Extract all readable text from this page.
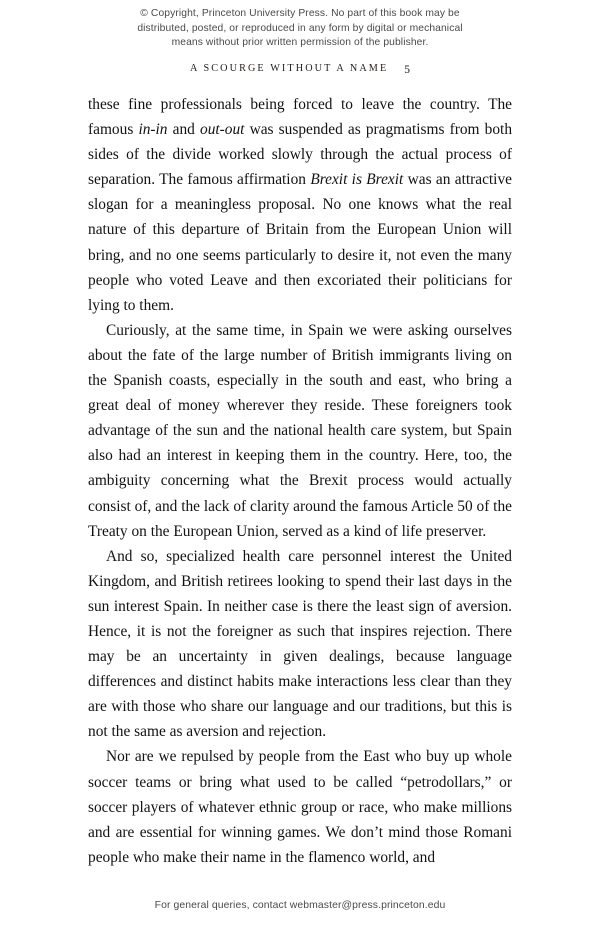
© Copyright, Princeton University Press. No part of this book may be
distributed, posted, or reproduced in any form by digital or mechanical
means without prior written permission of the publisher.
A SCOURGE WITHOUT A NAME 5

these fine professionals being forced to leave the country. The famous in-in and out-out was suspended as pragmatisms from both sides of the divide worked slowly through the actual process of separation. The famous affirmation Brexit is Brexit was an attractive slogan for a meaningless proposal. No one knows what the real nature of this departure of Britain from the European Union will bring, and no one seems particularly to desire it, not even the many people who voted Leave and then excoriated their politicians for lying to them.

Curiously, at the same time, in Spain we were asking ourselves about the fate of the large number of British immigrants living on the Spanish coasts, especially in the south and east, who bring a great deal of money wherever they reside. These foreigners took advantage of the sun and the national health care system, but Spain also had an interest in keeping them in the country. Here, too, the ambiguity concerning what the Brexit process would actually consist of, and the lack of clarity around the famous Article 50 of the Treaty on the European Union, served as a kind of life preserver.

And so, specialized health care personnel interest the United Kingdom, and British retirees looking to spend their last days in the sun interest Spain. In neither case is there the least sign of aversion. Hence, it is not the foreigner as such that inspires rejection. There may be an uncertainty in given dealings, because language differences and distinct habits make interactions less clear than they are with those who share our language and our traditions, but this is not the same as aversion and rejection.

Nor are we repulsed by people from the East who buy up whole soccer teams or bring what used to be called “petrodollars,” or soccer players of whatever ethnic group or race, who make millions and are essential for winning games. We don’t mind those Romani people who make their name in the flamenco world, and

For general queries, contact webmaster@press.princeton.edu
